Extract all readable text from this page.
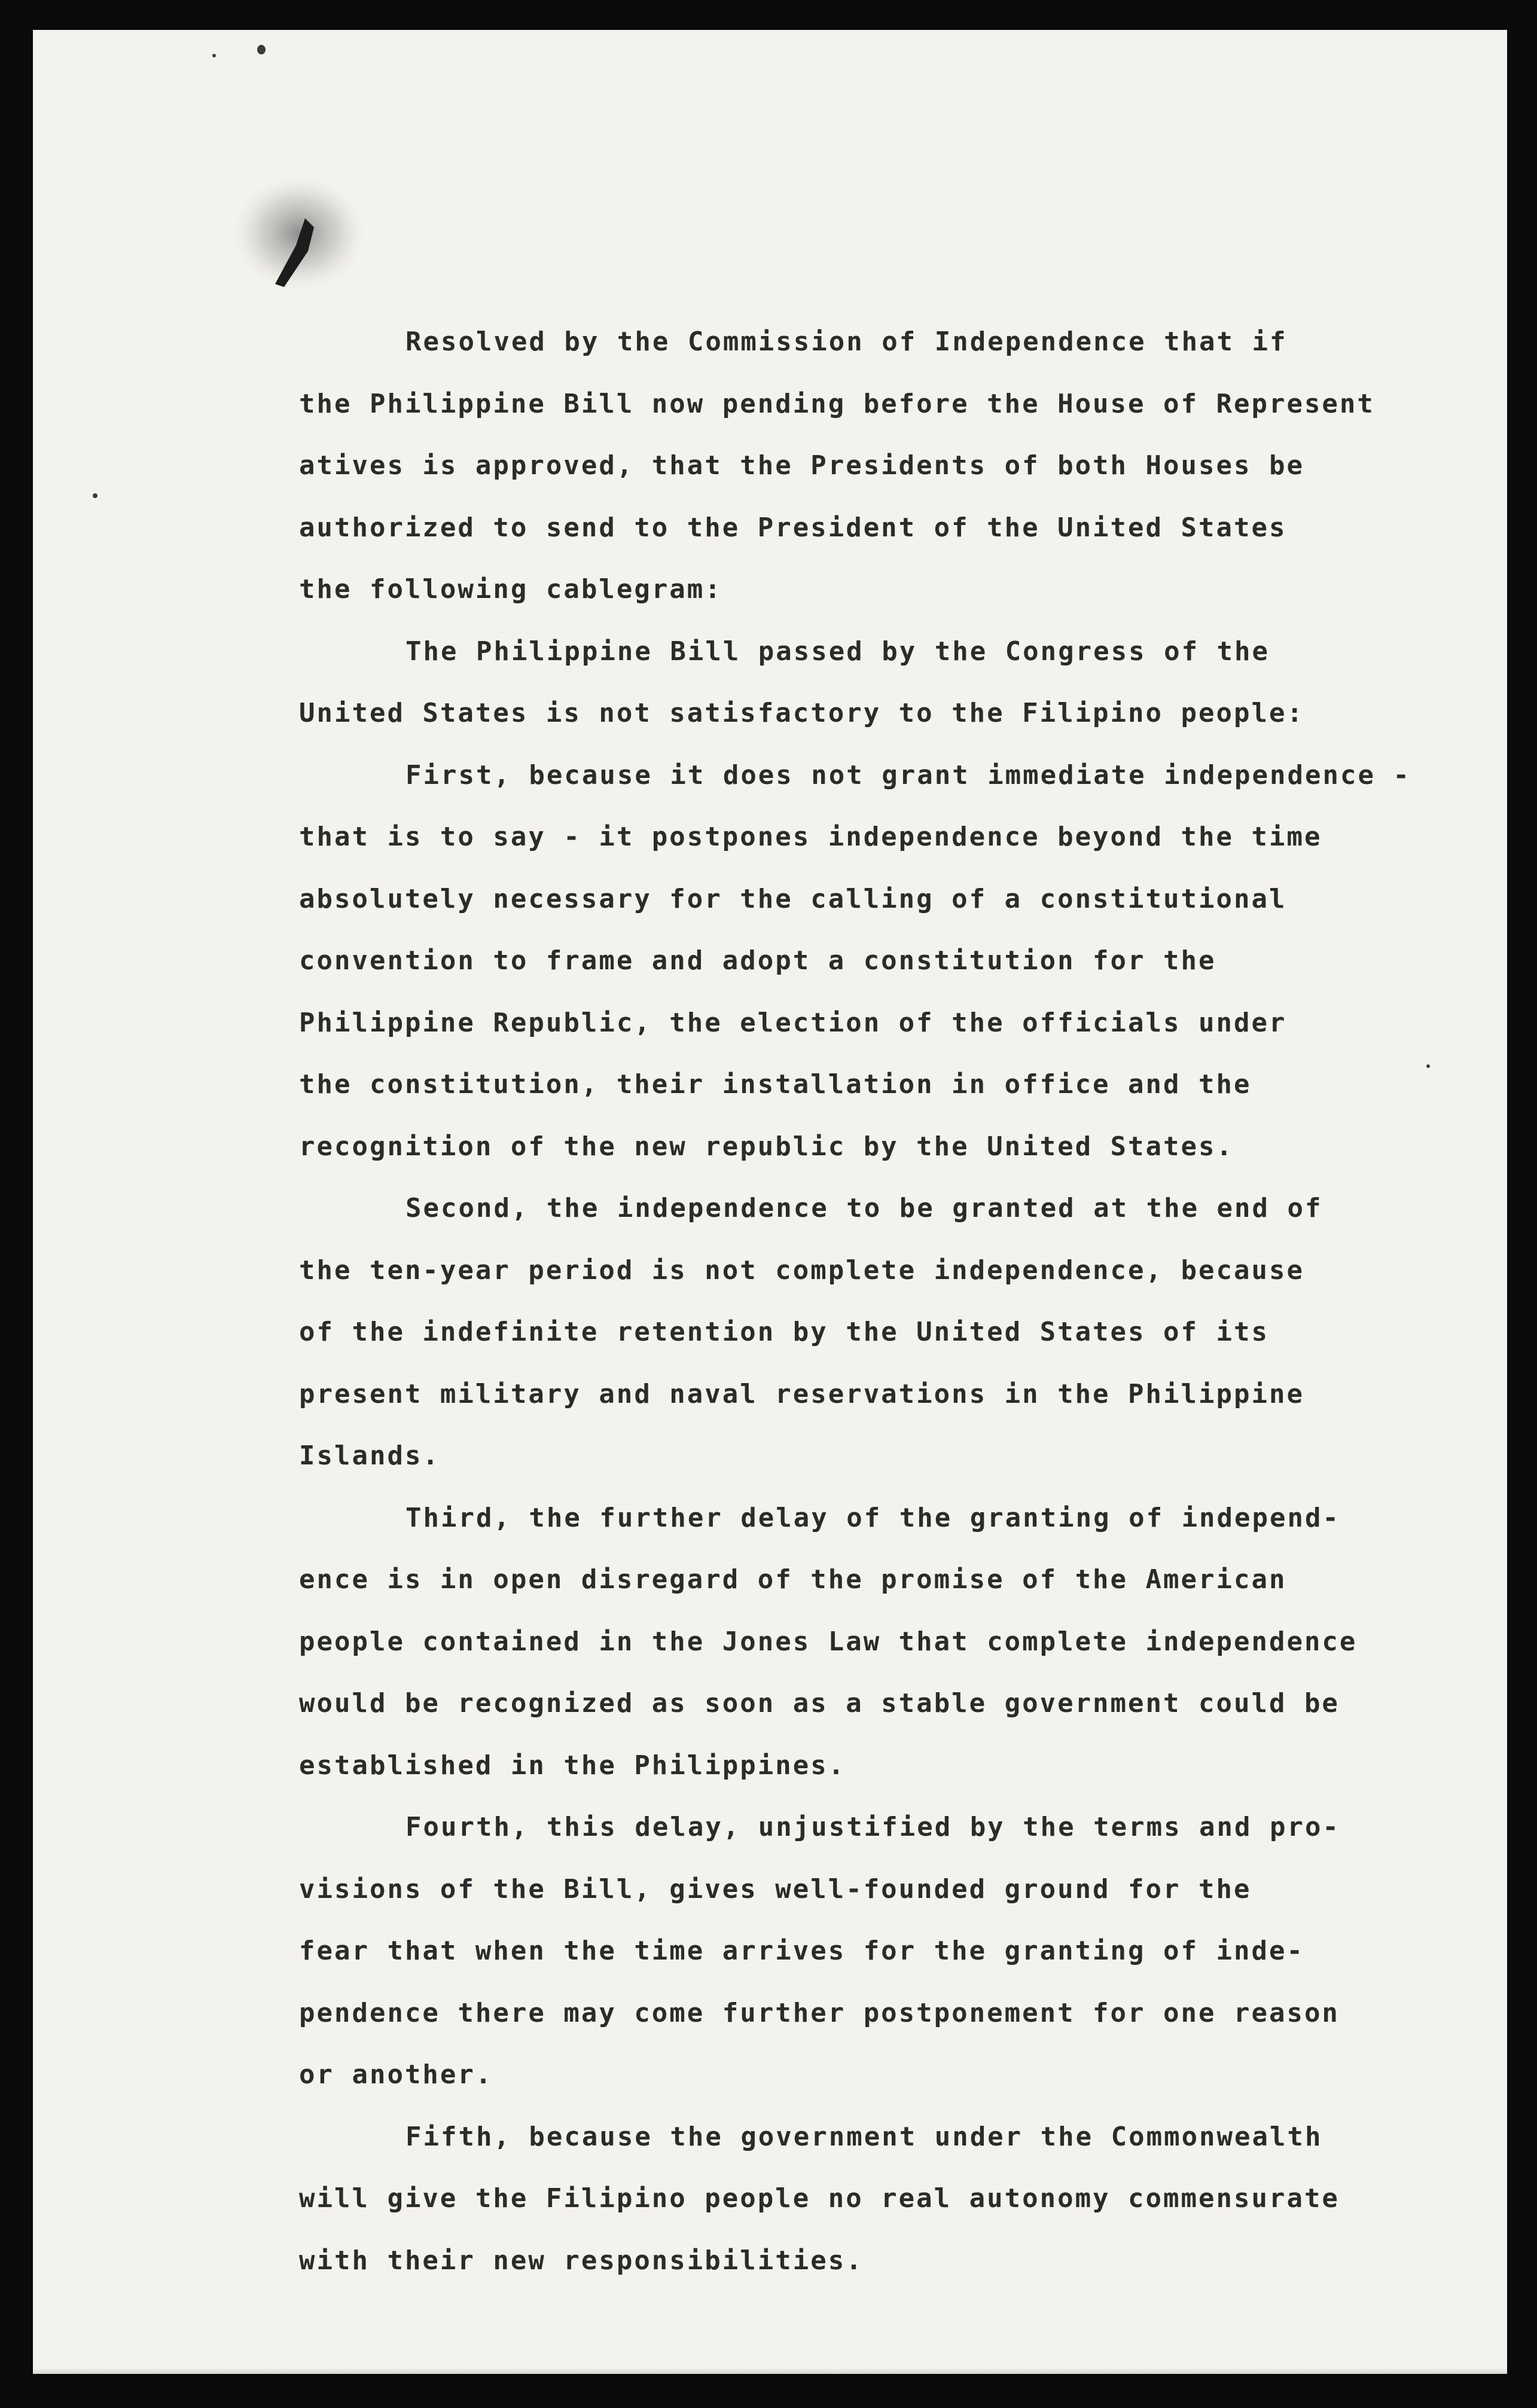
Resolved by the Commission of Independence that if
the Philippine Bill now pending before the House of Represent
atives is approved, that the Presidents of both Houses be
authorized to send to the President of the United States
the following cablegram:
The Philippine Bill passed by the Congress of the
United States is not satisfactory to the Filipino people:
First, because it does not grant immediate independence -
that is to say - it postpones independence beyond the time
absolutely necessary for the calling of a constitutional
convention to frame and adopt a constitution for the
Philippine Republic, the election of the officials under
the constitution, their installation in office and the
recognition of the new republic by the United States.
Second, the independence to be granted at the end of
the ten-year period is not complete independence, because
of the indefinite retention by the United States of its
present military and naval reservations in the Philippine
Islands.
Third, the further delay of the granting of independ-
ence is in open disregard of the promise of the American
people contained in the Jones Law that complete independence
would be recognized as soon as a stable government could be
established in the Philippines.
Fourth, this delay, unjustified by the terms and pro-
visions of the Bill, gives well-founded ground for the
fear that when the time arrives for the granting of inde-
pendence there may come further postponement for one reason
or another.
Fifth, because the government under the Commonwealth
will give the Filipino people no real autonomy commensurate
with their new responsibilities.
